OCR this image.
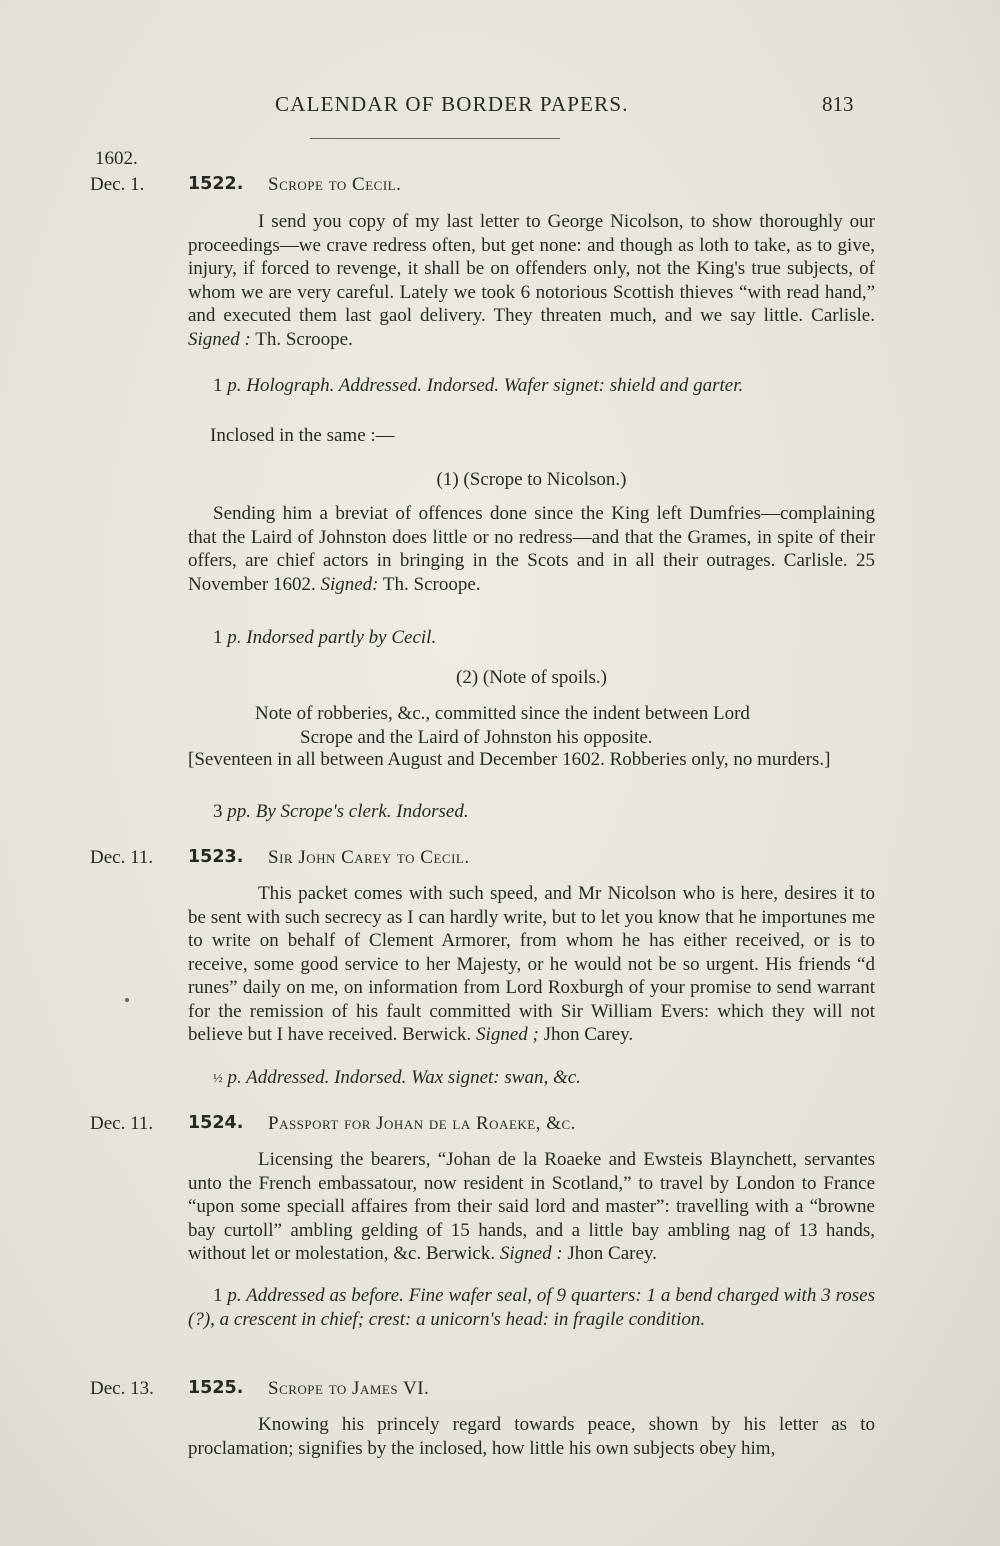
CALENDAR OF BORDER PAPERS.	813
1602.
Dec. 1. 1522. Scrope to Cecil.
I send you copy of my last letter to George Nicolson, to show thoroughly our proceedings—we crave redress often, but get none: and though as loth to take, as to give, injury, if forced to revenge, it shall be on offenders only, not the King's true subjects, of whom we are very careful. Lately we took 6 notorious Scottish thieves “with read hand,” and executed them last gaol delivery. They threaten much, and we say little. Carlisle. Signed : Th. Scroope.
1 p. Holograph. Addressed. Indorsed. Wafer signet: shield and garter.
Inclosed in the same :—
(1) (Scrope to Nicolson.)
Sending him a breviat of offences done since the King left Dumfries—complaining that the Laird of Johnston does little or no redress—and that the Grames, in spite of their offers, are chief actors in bringing in the Scots and in all their outrages. Carlisle. 25 November 1602. Signed: Th. Scroope.
1 p. Indorsed partly by Cecil.
(2) (Note of spoils.)
Note of robberies, &c., committed since the indent between Lord
Scrope and the Laird of Johnston his opposite.
[Seventeen in all between August and December 1602. Robberies only, no murders.]
3 pp. By Scrope's clerk. Indorsed.
Dec. 11. 1523. Sir John Carey to Cecil.
This packet comes with such speed, and Mr Nicolson who is here, desires it to be sent with such secrecy as I can hardly write, but to let you know that he importunes me to write on behalf of Clement Armorer, from whom he has either received, or is to receive, some good service to her Majesty, or he would not be so urgent. His friends “d runes” daily on me, on information from Lord Roxburgh of your promise to send warrant for the remission of his fault committed with Sir William Evers: which they will not believe but I have received. Berwick. Signed ; Jhon Carey.
½ p. Addressed. Indorsed. Wax signet: swan, &c.
Dec. 11. 1524. Passport for Johan de la Roaeke, &c.
Licensing the bearers, “Johan de la Roaeke and Ewsteis Blaynchett, servantes unto the French embassatour, now resident in Scotland,” to travel by London to France “upon some speciall affaires from their said lord and master”: travelling with a “browne bay curtoll” ambling gelding of 15 hands, and a little bay ambling nag of 13 hands, without let or molestation, &c. Berwick. Signed : Jhon Carey.
1 p. Addressed as before. Fine wafer seal, of 9 quarters: 1 a bend charged with 3 roses (?), a crescent in chief; crest: a unicorn's head: in fragile condition.
Dec. 13. 1525. Scrope to James VI.
Knowing his princely regard towards peace, shown by his letter as to proclamation; signifies by the inclosed, how little his own subjects obey him,
